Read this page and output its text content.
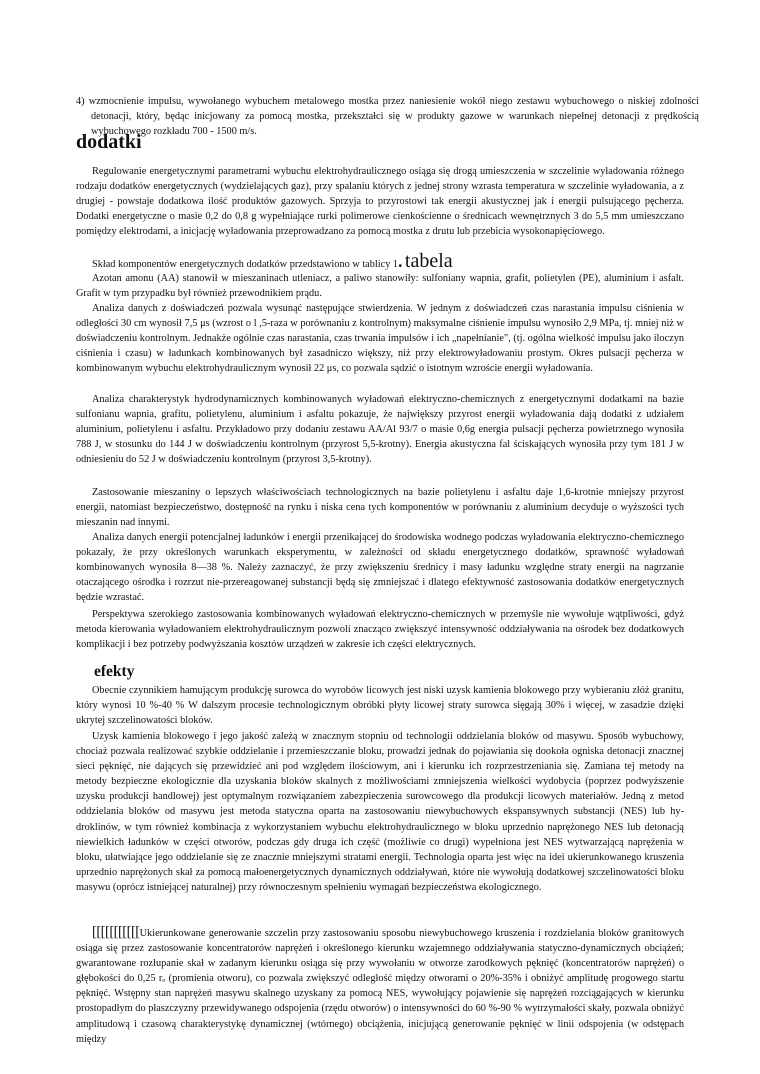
4) wzmocnienie impulsu, wywołanego wybuchem metalowego mostka przez naniesienie wokół niego zestawu wybuchowego o niskiej zdolności detonacji, który, będąc inicjowany za pomocą mostka, przekształci się w produkty gazowe w warunkach niepełnej detonacji z prędkością wybuchowego rozkładu 700 - 1500 m/s.

dodatki

Regulowanie energetycznymi parametrami wybuchu elektrohydraulicznego osiąga się drogą umieszczenia w szczelinie wyładowania różnego rodzaju dodatków energetycznych (wydzielających gaz), przy spalaniu których z jednej strony wzrasta temperatura w szczelinie wyładowania, a z drugiej - powstaje dodatkowa ilość produktów gazowych. Sprzyja to przyrostowi tak energii akustycznej jak i energii pulsującego pęcherza. Dodatki energetyczne o masie 0,2 do 0,8 g wypełniające rurki polimerowe cienkościenne o średnicach wewnętrznych 3 do 5,5 mm umieszczano pomiędzy elektrodami, a inicjację wyładowania przeprowadzano za pomocą mostka z drutu lub przebicia wysokonapięciowego.

Skład komponentów energetycznych dodatków przedstawiono w tablicy 1. tabela

Azotan amonu (AA) stanowił w mieszaninach utleniacz, a paliwo stanowiły: sulfoniany wapnia, grafit, polietylen (PE), aluminium i asfalt. Grafit w tym przypadku był również przewodnikiem prądu.

Analiza danych z doświadczeń pozwala wysunąć następujące stwierdzenia. W jednym z doświadczeń czas narastania impulsu ciśnienia w odległości 30 cm wynosił 7,5 μs (wzrost o l ,5-raza w porównaniu z kontrolnym) maksymalne ciśnienie impulsu wynosiło 2,9 MPa, tj. mniej niż w doświadczeniu kontrolnym. Jednakże ogólnie czas narastania, czas trwania impulsów i ich „napełnianie", (tj. ogólna wielkość impulsu jako iloczyn ciśnienia i czasu) w ładunkach kombinowanych był zasadniczo większy, niż przy elektrowyładowaniu prostym. Okres pulsacji pęcherza w kombinowanym wybuchu elektrohydraulicznym wynosił 22 μs, co pozwala sądzić o istotnym wzroście energii wyładowania.

Analiza charakterystyk hydrodynamicznych kombinowanych wyładowań elektryczno-chemicznych z energetycznymi dodatkami na bazie sulfonianu wapnia, grafitu, polietylenu, aluminium i asfaltu pokazuje, że największy przyrost energii wyładowania dają dodatki z udziałem aluminium, polietylenu i asfaltu. Przykładowo przy dodaniu zestawu AA/Al 93/7 o masie 0,6g energia pulsacji pęcherza powietrznego wynosiła 788 J, w stosunku do 144 J w doświadczeniu kontrolnym (przyrost 5,5-krotny). Energia akustyczna fal ściskających wynosiła przy tym 181 J w odniesieniu do 52 J w doświadczeniu kontrolnym (przyrost 3,5-krotny).

Zastosowanie mieszaniny o lepszych właściwościach technologicznych na bazie polietylenu i asfaltu daje 1,6-krotnie mniejszy przyrost energii, natomiast bezpieczeństwo, dostępność na rynku i niska cena tych komponentów w porównaniu z aluminium decyduje o wyższości tych mieszanin nad innymi.

Analiza danych energii potencjalnej ładunków i energii przenikającej do środowiska wodnego podczas wyładowania elektryczno-chemicznego pokazały, że przy określonych warunkach eksperymentu, w zależności od składu energetycznego dodatków, sprawność wyładowań kombinowanych wynosiła 8—38 %. Należy zaznaczyć, że przy zwiększeniu średnicy i masy ładunku względne straty energii na nagrzanie otaczającego ośrodka i rozrzut nie-przereagowanej substancji będą się zmniejszać i dlatego efektywność zastosowania dodatków energetycznych będzie wzrastać.

Perspektywa szerokiego zastosowania kombinowanych wyładowań elektryczno-chemicznych w przemyśle nie wywołuje wątpliwości, gdyż metoda kierowania wyładowaniem elektrohydraulicznym pozwoli znacząco zwiększyć intensywność oddziaływania na ośrodek bez dodatkowych komplikacji i bez potrzeby podwyższania kosztów urządzeń w zakresie ich części elektrycznych.

efekty

Obecnie czynnikiem hamującym produkcję surowca do wyrobów licowych jest niski uzysk kamienia blokowego przy wybieraniu złóż granitu, który wynosi 10 %-40 % W dalszym procesie technologicznym obróbki płyty licowej straty surowca sięgają 30% i więcej, w zasadzie dzięki ukrytej szczelinowatości bloków.

Uzysk kamienia blokowego i jego jakość zależą w znacznym stopniu od technologii oddzielania bloków od masywu. Sposób wybuchowy, chociaż pozwala realizować szybkie oddzielanie i przemieszczanie bloku, prowadzi jednak do pojawiania się dookoła ogniska detonacji znacznej sieci pęknięć, nie dających się przewidzieć ani pod względem ilościowym, ani i kierunku ich rozprzestrzeniania się. Zamiana tej metody na metody bezpieczne ekologicznie dla uzyskania bloków skalnych z możliwościami zmniejszenia wielkości wydobycia (poprzez podwyższenie uzysku produkcji handlowej) jest optymalnym rozwiązaniem zabezpieczenia surowcowego dla produkcji licowych materiałów. Jedną z metod oddzielania bloków od masywu jest metoda statyczna oparta na zastosowaniu niewybuchowych ekspansywnych substancji (NES) lub hy-droklinów, w tym również kombinacja z wykorzystaniem wybuchu elektrohydraulicznego w bloku uprzednio naprężonego NES lub detonacją niewielkich ładunków w części otworów, podczas gdy druga ich część (możliwie co drugi) wypełniona jest NES wytwarzającą naprężenia w bloku, ułatwiające jego oddzielanie się ze znacznie mniejszymi stratami energii. Technologia oparta jest więc na idei ukierunkowanego kruszenia uprzednio naprężonych skał za pomocą małoenergetycznych dynamicznych oddziaływań, które nie wywołują dodatkowej szczelinowatości bloku masywu (oprócz istniejącej naturalnej) przy równoczesnym spełnieniu wymagań bezpieczeństwa ekologicznego.

[[[[[[[[[[[Ukierunkowane generowanie szczelin przy zastosowaniu sposobu niewybuchowego kruszenia i rozdzielania bloków granitowych osiąga się przez zastosowanie koncentratorów naprężeń i określonego kierunku wzajemnego oddziaływania statyczno-dynamicznych obciążeń; gwarantowane rozłupanie skał w zadanym kierunku osiąga się przy wywołaniu w otworze zarodkowych pęknięć (koncentratorów naprężeń) o głębokości do 0,25 rₒ (promienia otworu), co pozwala zwiększyć odległość między otworami o 20%-35% i obniżyć amplitudę progowego startu pęknięć. Wstępny stan naprężeń masywu skalnego uzyskany za pomocą NES, wywołujący pojawienie się naprężeń rozciągających w kierunku prostopadłym do płaszczyzny przewidywanego odspojenia (rzędu otworów) o intensywności do 60 %-90 % wytrzymałości skały, pozwala obniżyć amplitudową i czasową charakterystykę dynamicznej (wtórnego) obciążenia, inicjującą generowanie pęknięć w linii odspojenia (w odstępach między
